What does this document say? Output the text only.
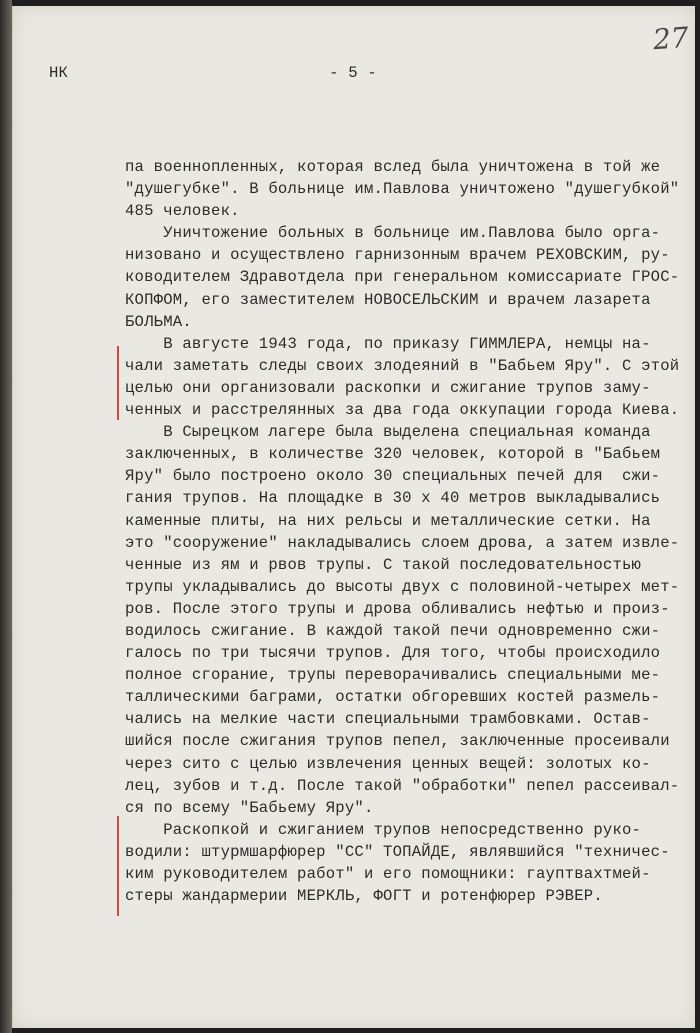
27
НК	- 5 -
па военнопленных, которая вслед была уничтожена в той же
"душегубке". В больнице им.Павлова уничтожено "душегубкой"
485 человек.
Уничтожение больных в больнице им.Павлова было орга-
низовано и осуществлено гарнизонным врачем РЕХОВСКИМ, ру-
ководителем Здравотдела при генеральном комиссариате ГРОС-
КОПФОМ, его заместителем НОВОСЕЛЬСКИМ и врачем лазарета
БОЛЬМА.
В августе 1943 года, по приказу ГИММЛЕРА, немцы на-
чали заметать следы своих злодеяний в "Бабьем Яру". С этой
целью они организовали раскопки и сжигание трупов заму-
ченных и расстрелянных за два года оккупации города Киева.
В Сырецком лагере была выделена специальная команда
заключенных, в количестве 320 человек, которой в "Бабьем
Яру" было построено около 30 специальных печей для  сжи-
гания трупов. На площадке в 30 х 40 метров выкладывались
каменные плиты, на них рельсы и металлические сетки. На
это "сооружение" накладывались слоем дрова, а затем извле-
ченные из ям и рвов трупы. С такой последовательностью
трупы укладывались до высоты двух с половиной-четырех мет-
ров. После этого трупы и дрова обливались нефтью и произ-
водилось сжигание. В каждой такой печи одновременно сжи-
галось по три тысячи трупов. Для того, чтобы происходило
полное сгорание, трупы переворачивались специальными ме-
таллическими баграми, остатки обгоревших костей размель-
чались на мелкие части специальными трамбовками. Остав-
шийся после сжигания трупов пепел, заключенные просеивали
через сито с целью извлечения ценных вещей: золотых ко-
лец, зубов и т.д. После такой "обработки" пепел рассеивал-
ся по всему "Бабьему Яру".
Раскопкой и сжиганием трупов непосредственно руко-
водили: штурмшарфюрер "СС" ТОПАЙДЕ, являвшийся "техничес-
ким руководителем работ" и его помощники: гауптвахтмей-
стеры жандармерии МЕРКЛЬ, ФОГТ и ротенфюрер РЭВЕР.
